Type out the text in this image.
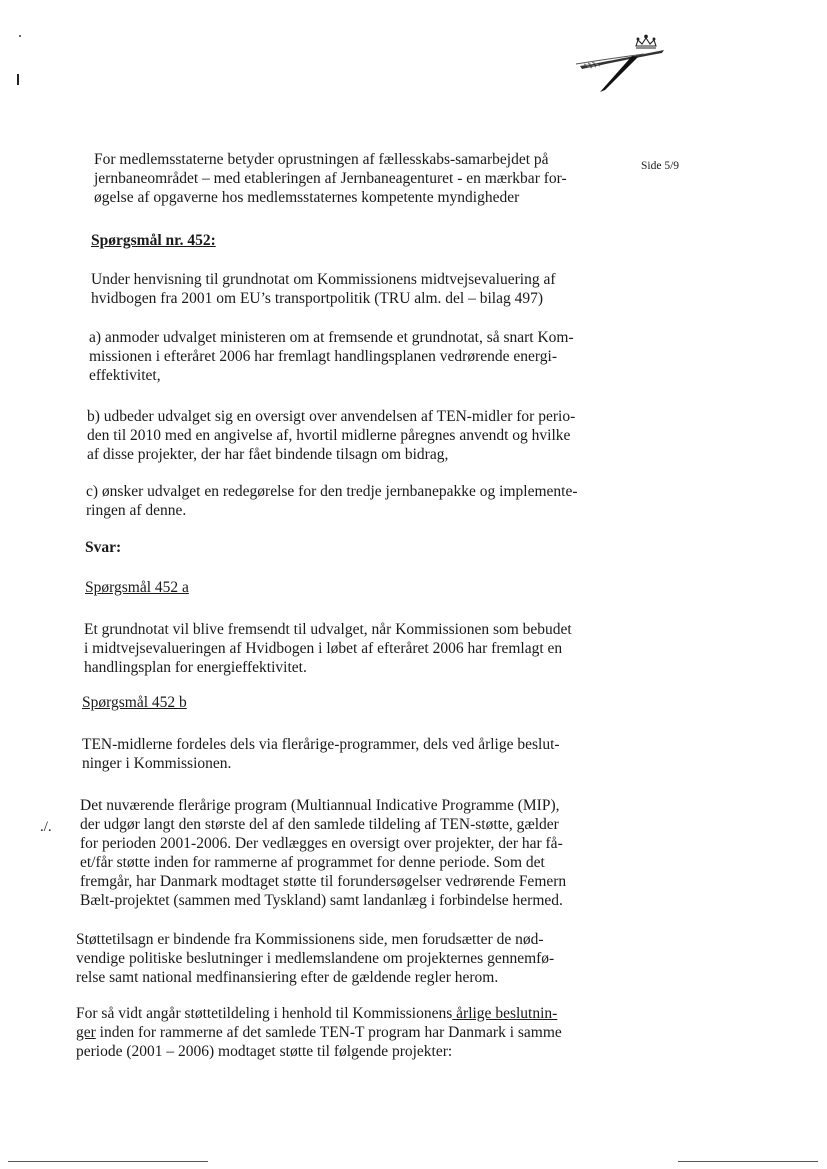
Side 5/9
For medlemsstaterne betyder oprustningen af fællesskabs-samarbejdet på
jernbaneområdet – med etableringen af Jernbaneagenturet - en mærkbar for-
øgelse af opgaverne hos medlemsstaternes kompetente myndigheder
Spørgsmål nr. 452:
Under henvisning til grundnotat om Kommissionens midtvejsevaluering af
hvidbogen fra 2001 om EU’s transportpolitik (TRU alm. del – bilag 497)
a) anmoder udvalget ministeren om at fremsende et grundnotat, så snart Kom-
missionen i efteråret 2006 har fremlagt handlingsplanen vedrørende energi-
effektivitet,
b) udbeder udvalget sig en oversigt over anvendelsen af TEN-midler for perio-
den til 2010 med en angivelse af, hvortil midlerne påregnes anvendt og hvilke
af disse projekter, der har fået bindende tilsagn om bidrag,
c) ønsker udvalget en redegørelse for den tredje jernbanepakke og implemente-
ringen af denne.
Svar:
Spørgsmål 452 a
Et grundnotat vil blive fremsendt til udvalget, når Kommissionen som bebudet
i midtvejsevalueringen af Hvidbogen i løbet af efteråret 2006 har fremlagt en
handlingsplan for energieffektivitet.
Spørgsmål 452 b
TEN-midlerne fordeles dels via flerårige-programmer, dels ved årlige beslut-
ninger i Kommissionen.
./.
Det nuværende flerårige program (Multiannual Indicative Programme (MIP),
der udgør langt den største del af den samlede tildeling af TEN-støtte, gælder
for perioden 2001-2006. Der vedlægges en oversigt over projekter, der har få-
et/får støtte inden for rammerne af programmet for denne periode. Som det
fremgår, har Danmark modtaget støtte til forundersøgelser vedrørende Femern
Bælt-projektet (sammen med Tyskland) samt landanlæg i forbindelse hermed.
Støttetilsagn er bindende fra Kommissionens side, men forudsætter de nød-
vendige politiske beslutninger i medlemslandene om projekternes gennemfø-
relse samt national medfinansiering efter de gældende regler herom.
For så vidt angår støttetildeling i henhold til Kommissionens årlige beslutnin-
ger inden for rammerne af det samlede TEN-T program har Danmark i samme
periode (2001 – 2006) modtaget støtte til følgende projekter:
